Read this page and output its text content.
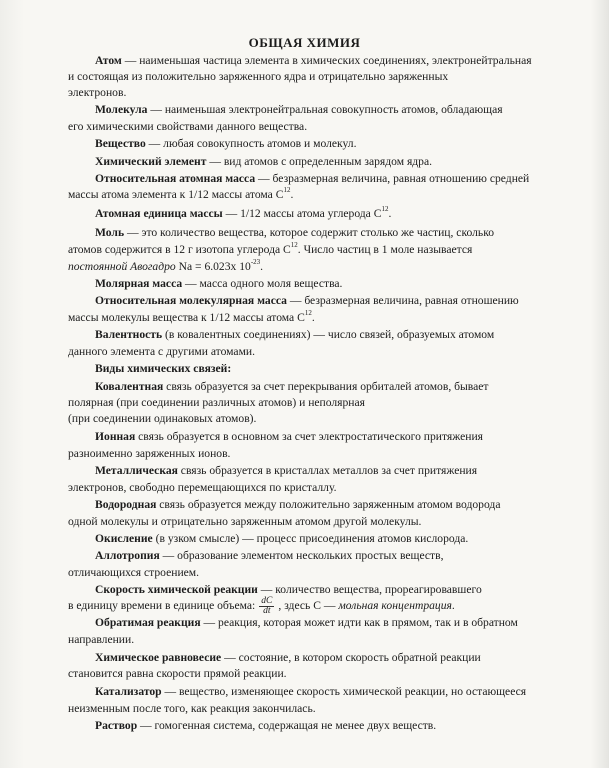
ОБЩАЯ ХИМИЯ
Атом — наименьшая частица элемента в химических соединениях, электронейтральная
и состоящая из положительно заряженного ядра и отрицательно заряженных
электронов.
Молекула — наименьшая электронейтральная совокупность атомов, обладающая
его химическими свойствами данного вещества.
Вещество — любая совокупность атомов и молекул.
Химический элемент — вид атомов с определенным зарядом ядра.
Относительная атомная масса — безразмерная величина, равная отношению средней
массы атома элемента к 1/12 массы атома $С^{12}$.
Атомная единица массы — 1/12 массы атома углерода $С^{12}$.
Моль — это количество вещества, которое содержит столько же частиц, сколько
атомов содержится в 12 г изотопа углерода $С^{12}$. Число частиц в 1 моле называется
постоянной Авогадро Na = 6.023х $10^{-23}$.
Молярная масса — масса одного моля вещества.
Относительная молекулярная масса — безразмерная величина, равная отношению
массы молекулы вещества к 1/12 массы атома $С^{12}$.
Валентность (в ковалентных соединениях) — число связей, образуемых атомом
данного элемента с другими атомами.
Виды химических связей:
Ковалентная связь образуется за счет перекрывания орбиталей атомов, бывает
полярная (при соединении различных атомов) и неполярная
(при соединении одинаковых атомов).
Ионная связь образуется в основном за счет электростатического притяжения
разноименно заряженных ионов.
Металлическая связь образуется в кристаллах металлов за счет притяжения
электронов, свободно перемещающихся по кристаллу.
Водородная связь образуется между положительно заряженным атомом водорода
одной молекулы и отрицательно заряженным атомом другой молекулы.
Окисление (в узком смысле) — процесс присоединения атомов кислорода.
Аллотропия — образование элементом нескольких простых веществ,
отличающихся строением.
Скорость химической реакции — количество вещества, прореагировавшего
в единицу времени в единице объема: $\frac{dC}{dt}$ , здесь С — мольная концентрация.
Обратимая реакция — реакция, которая может идти как в прямом, так и в обратном
направлении.
Химическое равновесие — состояние, в котором скорость обратной реакции
становится равна скорости прямой реакции.
Катализатор — вещество, изменяющее скорость химической реакции, но остающееся
неизменным после того, как реакция закончилась.
Раствор — гомогенная система, содержащая не менее двух веществ.
